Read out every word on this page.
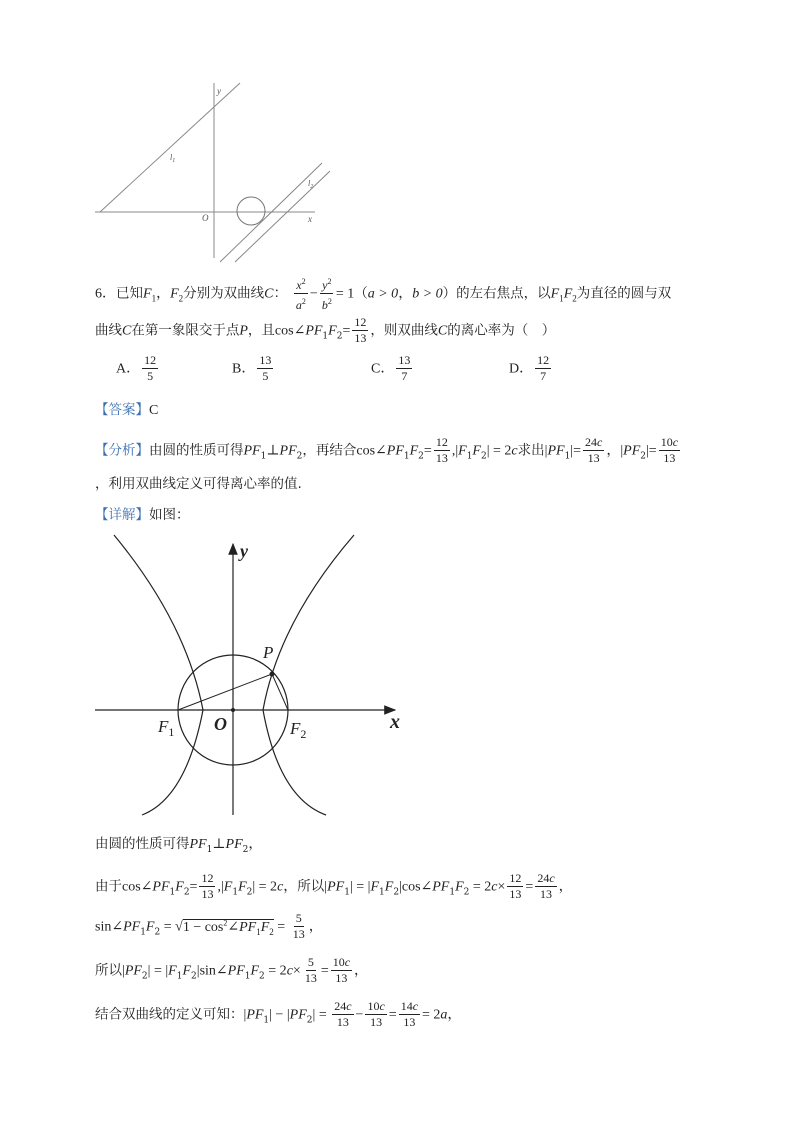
y
x
O
$l_1$
$l_2$
6．已知$F_1$，$F_2$分别为双曲线C： $\frac{x^2}{a^2} - \frac{y^2}{b^2} = 1(a > 0$，b > 0）的左右焦点，以$F_1F_2$为直径的圆与双
曲线C在第一象限交于点P，且$\cos\angle PF_1F_2= \frac{12}{13}$ ，则双曲线C的离心率为（　）
A． $\frac{12}{5}$	B． $\frac{13}{5}$	C． $\frac{13}{7}$	D． $\frac{12}{7}$
【答案】C
【分析】由圆的性质可得$PF_1\perp PF_2$，再结合$\cos\angle PF_1F_2= \frac{12}{13} ,|F_1F_2| = 2c$求出$|PF_1|= \frac{24c}{13}$ ，$|PF_2|= \frac{10c}{13}$
，利用双曲线定义可得离心率的值.
【详解】如图：
y
x
O
P
$F_1$	$F_2$
由圆的性质可得$PF_1\perp PF_2$，
由于$\cos\angle PF_1F_2= \frac{12}{13} ,|F_1F_2| = 2c$，所以$|PF_1|$ = $|F_1F_2|\cos\angle PF_1F_2 = 2c\times \frac{12}{13} = \frac{24c}{13}$ ，
$\sin\angle PF_1F_2 = √1$ − $\cos^2\angle PF_1F_2 = \frac{5}{13}$ ，
所以$|PF_2|$ = $|F_1F_2|\sin\angle PF_1F_2 = 2c\times \frac{5}{13} = \frac{10c}{13}$ ，
结合双曲线的定义可知：$|PF_1| - |PF_2| = \frac{24c}{13} - \frac{10c}{13} = \frac{14c}{13} = 2a$，
